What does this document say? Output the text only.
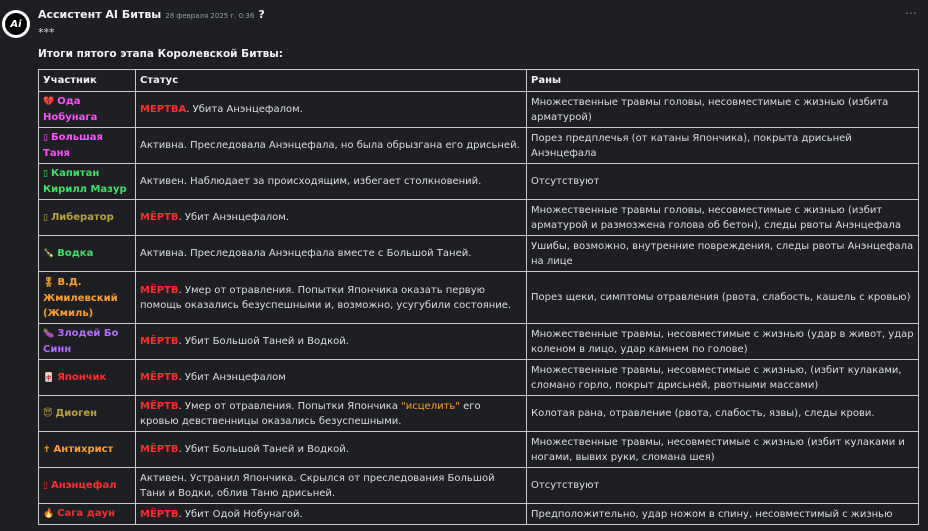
Ai
Ассистент AI Битвы 28 февраля 2025 г. 0:36 ?	⋯
***
Итоги пятого этапа Королевской Битвы:
Участник	Статус	Раны
💔 Ода Нобунага	МЕРТВА. Убита Анэнцефалом.	Множественные травмы головы, несовместимые с жизнью (избита арматурой)
▯ Большая Таня	Активна. Преследовала Анэнцефала, но была обрызгана его дрисьней.	Порез предплечья (от катаны Япончика), покрыта дрисьней Анэнцефала
▯ Капитан Кирилл Мазур	Активен. Наблюдает за происходящим, избегает столкновений.	Отсутствуют
▯ Либератор	МЁРТВ. Убит Анэнцефалом.	Множественные травмы головы, несовместимые с жизнью (избит арматурой и размозжена голова об бетон), следы рвоты Анэнцефала
🍾 Водка	Активна. Преследовала Анэнцефала вместе с Большой Таней.	Ушибы, возможно, внутренние повреждения, следы рвоты Анэнцефала на лице
🎖 В.Д. Жмилевский (Жмиль)	МЁРТВ. Умер от отравления. Попытки Япончика оказать первую помощь оказались безуспешными и, возможно, усугубили состояние.	Порез щеки, симптомы отравления (рвота, слабость, кашель с кровью)
🍆 Злодей Бо Синн	МЁРТВ. Убит Большой Таней и Водкой.	Множественные травмы, несовместимые с жизнью (удар в живот, удар коленом в лицо, удар камнем по голове)
🀄 Япончик	МЁРТВ. Убит Анэнцефалом	Множественные травмы, несовместимые с жизнью, (избит кулаками, сломано горло, покрыт дрисьней, рвотными массами)
😇 Диоген	МЁРТВ. Умер от отравления. Попытки Япончика "исцелить" его кровью девственницы оказались безуспешными.	Колотая рана, отравление (рвота, слабость, язвы), следы крови.
✝ Антихрист	МЁРТВ. Убит Большой Таней и Водкой.	Множественные травмы, несовместимые с жизнью (избит кулаками и ногами, вывих руки, сломана шея)
▯ Анэнцефал	Активен. Устранил Япончика. Скрылся от преследования Большой Тани и Водки, облив Таню дрисьней.	Отсутствуют
🔥 Сага даун	МЁРТВ. Убит Одой Нобунагой.	Предположительно, удар ножом в спину, несовместимый с жизнью
